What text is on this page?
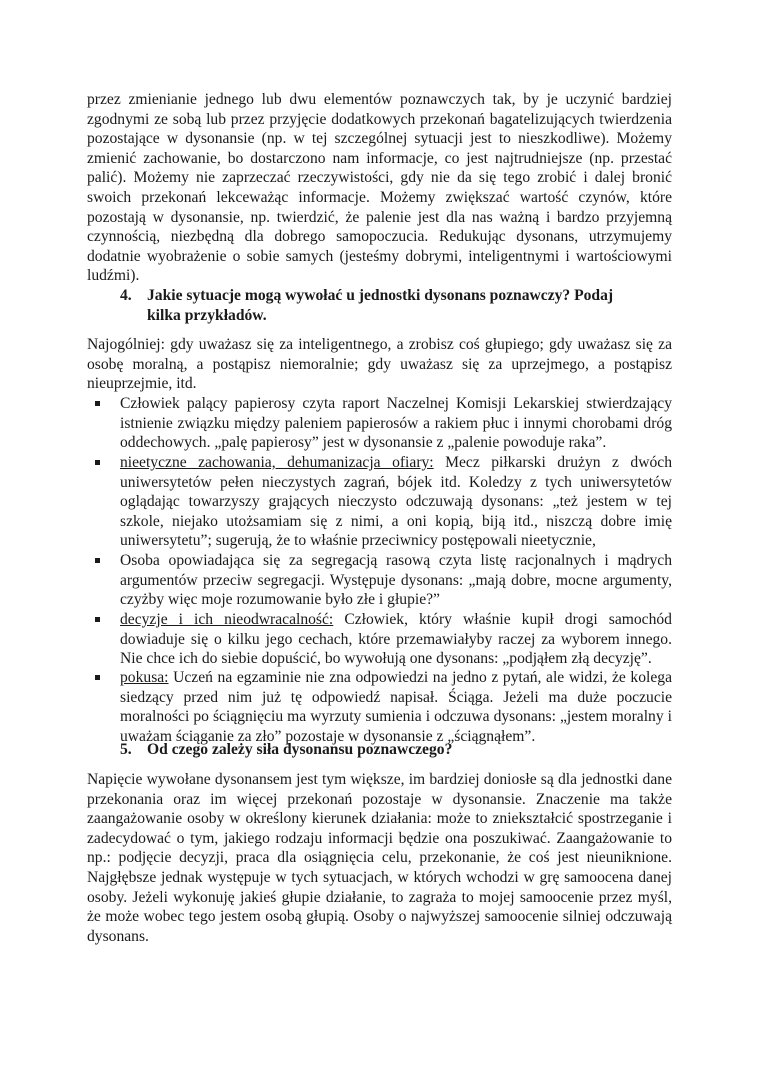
przez zmienianie jednego lub dwu elementów poznawczych tak, by je uczynić bardziej zgodnymi ze sobą lub przez przyjęcie dodatkowych przekonań bagatelizujących twierdzenia pozostające w dysonansie (np. w tej szczególnej sytuacji jest to nieszkodliwe). Możemy zmienić zachowanie, bo dostarczono nam informacje, co jest najtrudniejsze (np. przestać palić). Możemy nie zaprzeczać rzeczywistości, gdy nie da się tego zrobić i dalej bronić swoich przekonań lekceważąc informacje. Możemy zwiększać wartość czynów, które pozostają w dysonansie, np. twierdzić, że palenie jest dla nas ważną i bardzo przyjemną czynnością, niezbędną dla dobrego samopoczucia. Redukując dysonans, utrzymujemy dodatnie wyobrażenie o sobie samych (jesteśmy dobrymi, inteligentnymi i wartościowymi ludźmi).

4. Jakie sytuacje mogą wywołać u jednostki dysonans poznawczy? Podaj kilka przykładów.

Najogólniej: gdy uważasz się za inteligentnego, a zrobisz coś głupiego; gdy uważasz się za osobę moralną, a postąpisz niemoralnie; gdy uważasz się za uprzejmego, a postąpisz nieuprzejmie, itd.

Człowiek palący papierosy czyta raport Naczelnej Komisji Lekarskiej stwierdzający istnienie związku między paleniem papierosów a rakiem płuc i innymi chorobami dróg oddechowych. „palę papierosy” jest w dysonansie z „palenie powoduje raka”.
nieetyczne zachowania, dehumanizacja ofiary: Mecz piłkarski drużyn z dwóch uniwersytetów pełen nieczystych zagrań, bójek itd. Koledzy z tych uniwersytetów oglądając towarzyszy grających nieczysto odczuwają dysonans: „też jestem w tej szkole, niejako utożsamiam się z nimi, a oni kopią, biją itd., niszczą dobre imię uniwersytetu”; sugerują, że to właśnie przeciwnicy postępowali nieetycznie,
Osoba opowiadająca się za segregacją rasową czyta listę racjonalnych i mądrych argumentów przeciw segregacji. Występuje dysonans: „mają dobre, mocne argumenty, czyżby więc moje rozumowanie było złe i głupie?”
decyzje i ich nieodwracalność: Człowiek, który właśnie kupił drogi samochód dowiaduje się o kilku jego cechach, które przemawiałyby raczej za wyborem innego. Nie chce ich do siebie dopuścić, bo wywołują one dysonans: „podjąłem złą decyzję”.
pokusa: Uczeń na egzaminie nie zna odpowiedzi na jedno z pytań, ale widzi, że kolega siedzący przed nim już tę odpowiedź napisał. Ściąga. Jeżeli ma duże poczucie moralności po ściągnięciu ma wyrzuty sumienia i odczuwa dysonans: „jestem moralny i uważam ściąganie za zło” pozostaje w dysonansie z „ściągnąłem”.
5. Od czego zależy siła dysonansu poznawczego?

Napięcie wywołane dysonansem jest tym większe, im bardziej doniosłe są dla jednostki dane przekonania oraz im więcej przekonań pozostaje w dysonansie. Znaczenie ma także zaangażowanie osoby w określony kierunek działania: może to zniekształcić spostrzeganie i zadecydować o tym, jakiego rodzaju informacji będzie ona poszukiwać. Zaangażowanie to np.: podjęcie decyzji, praca dla osiągnięcia celu, przekonanie, że coś jest nieuniknione. Najgłębsze jednak występuje w tych sytuacjach, w których wchodzi w grę samoocena danej osoby. Jeżeli wykonuję jakieś głupie działanie, to zagraża to mojej samoocenie przez myśl, że może wobec tego jestem osobą głupią. Osoby o najwyższej samoocenie silniej odczuwają dysonans.
